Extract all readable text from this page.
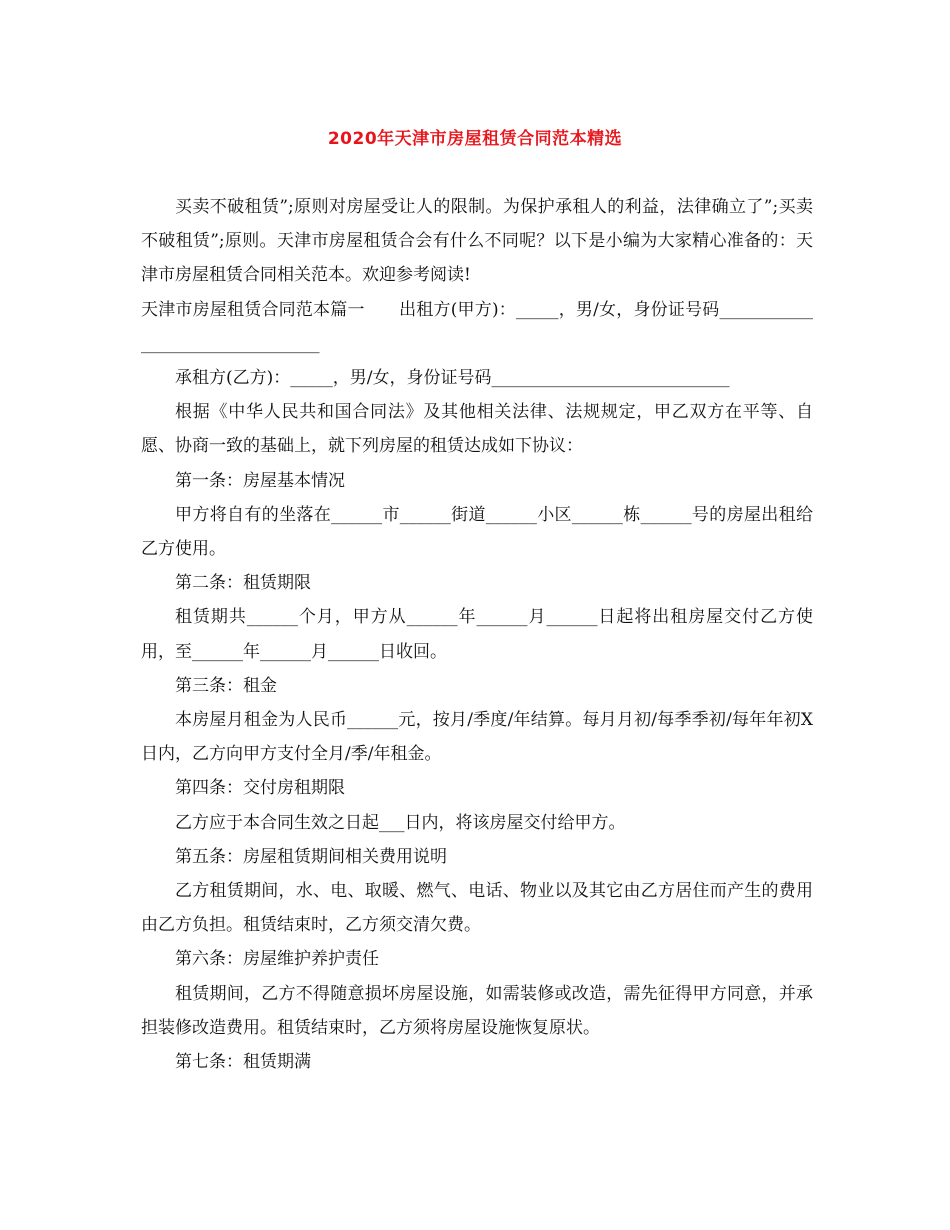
2020年天津市房屋租赁合同范本精选

买卖不破租赁”;原则对房屋受让人的限制。为保护承租人的利益，法律确立了”;买卖不破租赁”;原则。天津市房屋租赁合会有什么不同呢？以下是小编为大家精心准备的：天津市房屋租赁合同相关范本。欢迎参考阅读!

天津市房屋租赁合同范本篇一　　出租方(甲方)：_____，男/女，身份证号码________________________________

承租方(乙方)：_____，男/女，身份证号码____________________________

根据《中华人民共和国合同法》及其他相关法律、法规规定，甲乙双方在平等、自愿、协商一致的基础上，就下列房屋的租赁达成如下协议：

第一条：房屋基本情况

甲方将自有的坐落在______市______街道______小区______栋______号的房屋出租给乙方使用。

第二条：租赁期限

租赁期共______个月，甲方从______年______月______日起将出租房屋交付乙方使用，至______年______月______日收回。

第三条：租金

本房屋月租金为人民币______元，按月/季度/年结算。每月月初/每季季初/每年年初X日内，乙方向甲方支付全月/季/年租金。

第四条：交付房租期限

乙方应于本合同生效之日起___日内，将该房屋交付给甲方。

第五条：房屋租赁期间相关费用说明

乙方租赁期间，水、电、取暖、燃气、电话、物业以及其它由乙方居住而产生的费用由乙方负担。租赁结束时，乙方须交清欠费。

第六条：房屋维护养护责任

租赁期间，乙方不得随意损坏房屋设施，如需装修或改造，需先征得甲方同意，并承担装修改造费用。租赁结束时，乙方须将房屋设施恢复原状。

第七条：租赁期满
